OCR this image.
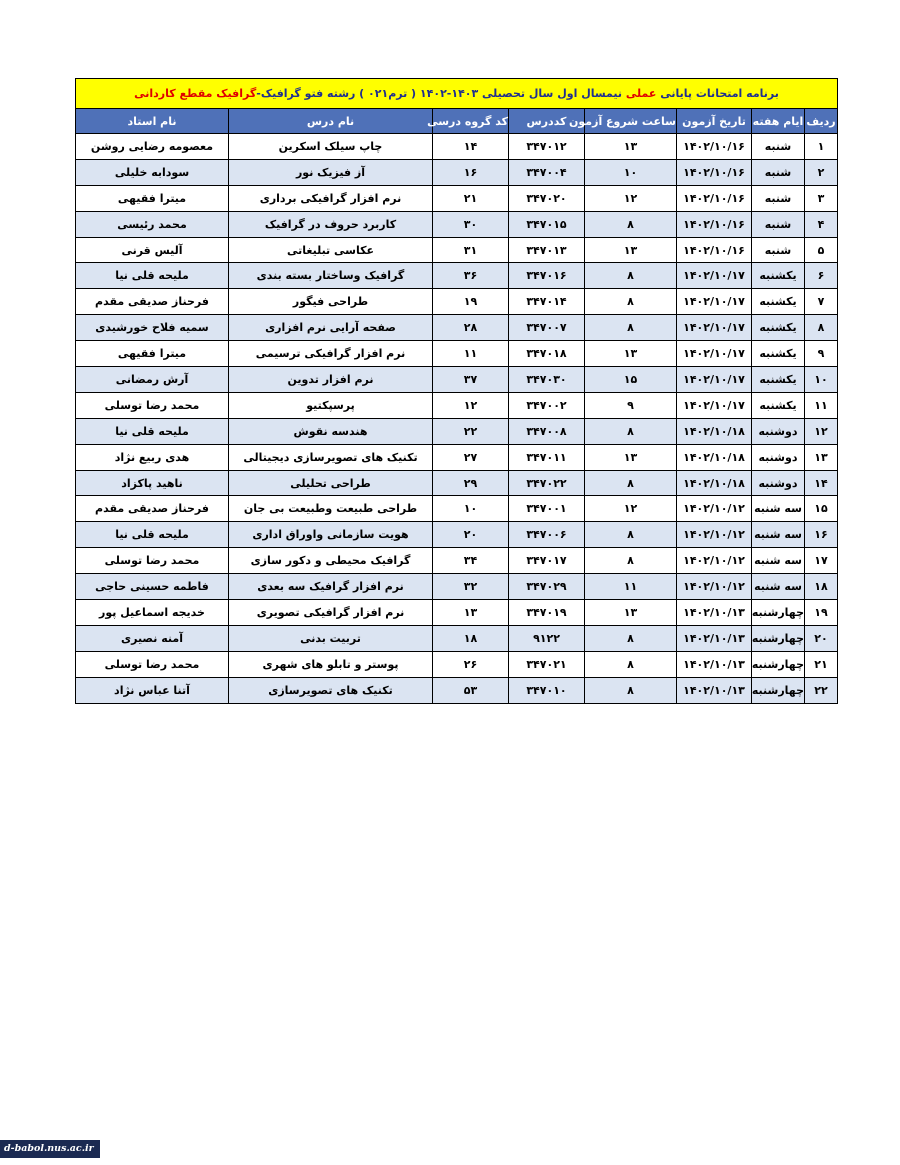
برنامه امتحانات پایانی عملی نیمسال اول سال تحصیلی ۱۴۰۳-۱۴۰۲ ( ترم۰۲۱ ) رشته فتو گرافیک-گرافیک مقطع کاردانی							
ردیف	ایام هفته	تاریخ آزمون	ساعت شروع آزمون	کددرس	کد گروه درسی	نام درس	نام استاد
۱	شنبه	۱۴۰۲/۱۰/۱۶	۱۳	۳۴۷۰۱۲	۱۴	چاپ سیلک اسکرین	معصومه رضایی روشن
۲	شنبه	۱۴۰۲/۱۰/۱۶	۱۰	۳۴۷۰۰۴	۱۶	آز فیزیک نور	سودابه خلیلی
۳	شنبه	۱۴۰۲/۱۰/۱۶	۱۲	۳۴۷۰۲۰	۲۱	نرم افزار گرافیکی برداری	میترا فقیهی
۴	شنبه	۱۴۰۲/۱۰/۱۶	۸	۳۴۷۰۱۵	۳۰	کاربرد حروف در گرافیک	محمد رئیسی
۵	شنبه	۱۴۰۲/۱۰/۱۶	۱۳	۳۴۷۰۱۳	۳۱	عکاسی تبلیغاتی	آلیس قرنی
۶	یکشنبه	۱۴۰۲/۱۰/۱۷	۸	۳۴۷۰۱۶	۳۶	گرافیک وساختار بسته بندی	ملیحه قلی نیا
۷	یکشنبه	۱۴۰۲/۱۰/۱۷	۸	۳۴۷۰۱۴	۱۹	طراحی فیگور	فرحناز صدیقی مقدم
۸	یکشنبه	۱۴۰۲/۱۰/۱۷	۸	۳۴۷۰۰۷	۲۸	صفحه آرایی نرم افزاری	سمیه فلاح خورشیدی
۹	یکشنبه	۱۴۰۲/۱۰/۱۷	۱۳	۳۴۷۰۱۸	۱۱	نرم افزار گرافیکی ترسیمی	میترا فقیهی
۱۰	یکشنبه	۱۴۰۲/۱۰/۱۷	۱۵	۳۴۷۰۳۰	۳۷	نرم افزار تدوین	آرش رمضانی
۱۱	یکشنبه	۱۴۰۲/۱۰/۱۷	۹	۳۴۷۰۰۲	۱۲	پرسپکتیو	محمد رضا توسلی
۱۲	دوشنبه	۱۴۰۲/۱۰/۱۸	۸	۳۴۷۰۰۸	۲۲	هندسه نقوش	ملیحه قلی نیا
۱۳	دوشنبه	۱۴۰۲/۱۰/۱۸	۱۳	۳۴۷۰۱۱	۲۷	تکنیک های تصویرسازی دیجیتالی	هدی ربیع نژاد
۱۴	دوشنبه	۱۴۰۲/۱۰/۱۸	۸	۳۴۷۰۲۲	۲۹	طراحی تحلیلی	ناهید پاکزاد
۱۵	سه شنبه	۱۴۰۲/۱۰/۱۲	۱۲	۳۴۷۰۰۱	۱۰	طراحی طبیعت وطبیعت بی جان	فرحناز صدیقی مقدم
۱۶	سه شنبه	۱۴۰۲/۱۰/۱۲	۸	۳۴۷۰۰۶	۲۰	هویت سازمانی واوراق اداری	ملیحه قلی نیا
۱۷	سه شنبه	۱۴۰۲/۱۰/۱۲	۸	۳۴۷۰۱۷	۳۴	گرافیک محیطی و دکور سازی	محمد رضا توسلی
۱۸	سه شنبه	۱۴۰۲/۱۰/۱۲	۱۱	۳۴۷۰۲۹	۳۲	نرم افزار گرافیک سه بعدی	فاطمه حسینی حاجی
۱۹	چهارشنبه	۱۴۰۲/۱۰/۱۳	۱۳	۳۴۷۰۱۹	۱۳	نرم افزار گرافیکی تصویری	خدیجه اسماعیل پور
۲۰	چهارشنبه	۱۴۰۲/۱۰/۱۳	۸	۹۱۲۲	۱۸	تربیت بدنی	آمنه نصیری
۲۱	چهارشنبه	۱۴۰۲/۱۰/۱۳	۸	۳۴۷۰۲۱	۲۶	پوستر و تابلو های شهری	محمد رضا توسلی
۲۲	چهارشنبه	۱۴۰۲/۱۰/۱۳	۸	۳۴۷۰۱۰	۵۳	تکنیک های تصویرسازی	آتنا عباس نژاد
d-babol.nus.ac.ir
